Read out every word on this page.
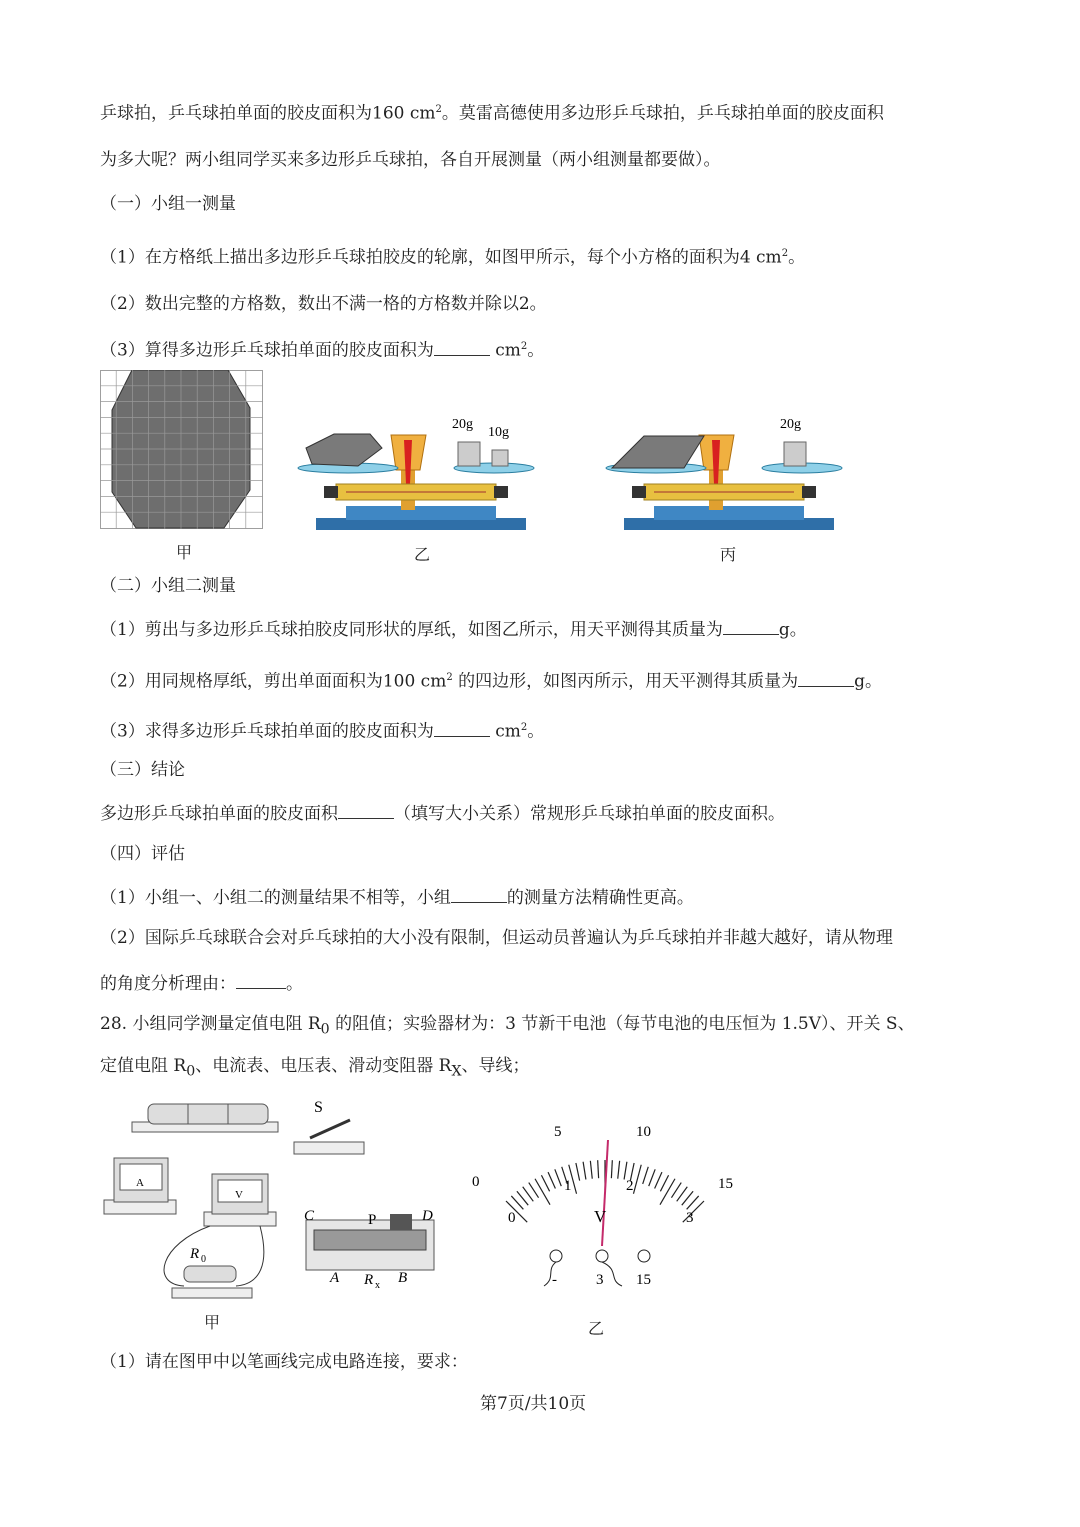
乒球拍，乒乓球拍单面的胶皮面积为160 $cm^2$。莫雷高德使用多边形乒乓球拍，乒乓球拍单面的胶皮面积
为多大呢？两小组同学买来多边形乒乓球拍，各自开展测量（两小组测量都要做）。
（一）小组一测量
（1）在方格纸上描出多边形乒乓球拍胶皮的轮廓，如图甲所示，每个小方格的面积为4 $cm^2$。
（2）数出完整的方格数，数出不满一格的方格数并除以2。
（3）算得多边形乒乓球拍单面的胶皮面积为	$cm^2$。
甲
20g
10g
乙
20g
丙
（二）小组二测量
（1）剪出与多边形乒乓球拍胶皮同形状的厚纸，如图乙所示，用天平测得其质量为	g。
（2）用同规格厚纸，剪出单面面积为100 $cm^2$ 的四边形，如图丙所示，用天平测得其质量为	g。
（3）求得多边形乒乓球拍单面的胶皮面积为	$cm^2$。
（三）结论
多边形乒乓球拍单面的胶皮面积	（填写大小关系）常规形乒乓球拍单面的胶皮面积。
（四）评估
（1）小组一、小组二的测量结果不相等，小组	的测量方法精确性更高。
（2）国际乒乓球联合会对乒乓球拍的大小没有限制，但运动员普遍认为乒乓球拍并非越大越好，请从物理
的角度分析理由：	。
28. 小组同学测量定值电阻 $R_0$ 的阻值；实验器材为：3 节新干电池（每节电池的电压恒为 1.5V）、开关 S、
定值电阻 $R_0$、电流表、电压表、滑动变阻器 $R_X$、导线；
S
A
V
R 0
C	P	D
A R x B
甲
0
5	10
15
0
1	2
3
V
-	3 15
乙
（1）请在图甲中以笔画线完成电路连接，要求：
第7页/共10页
